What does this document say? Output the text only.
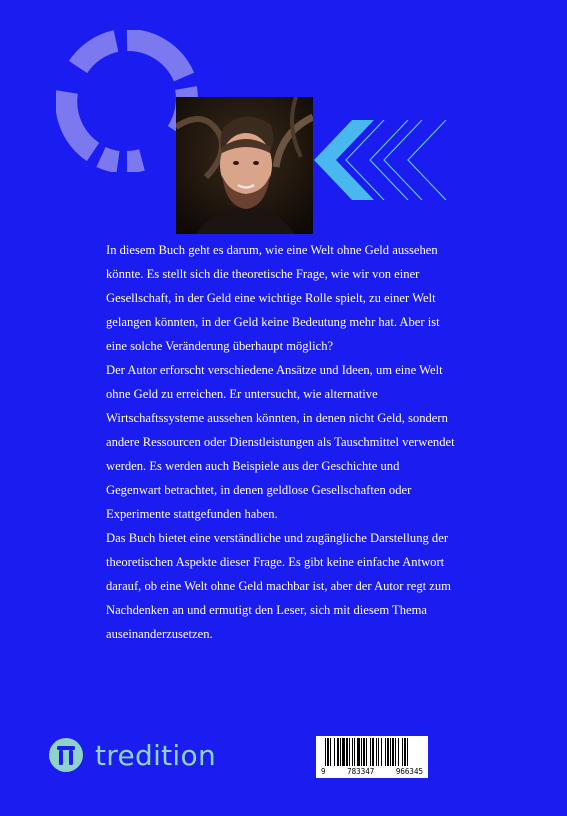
In diesem Buch geht es darum, wie eine Welt ohne Geld aussehen könnte. Es stellt sich die theoretische Frage, wie wir von einer Gesellschaft, in der Geld eine wichtige Rolle spielt, zu einer Welt gelangen könnten, in der Geld keine Bedeutung mehr hat. Aber ist eine solche Veränderung überhaupt möglich?

Der Autor erforscht verschiedene Ansätze und Ideen, um eine Welt ohne Geld zu erreichen. Er untersucht, wie alternative Wirtschaftssysteme aussehen könnten, in denen nicht Geld, sondern andere Ressourcen oder Dienstleistungen als Tauschmittel verwendet werden. Es werden auch Beispiele aus der Geschichte und Gegenwart betrachtet, in denen geldlose Gesellschaften oder Experimente stattgefunden haben.

Das Buch bietet eine verständliche und zugängliche Darstellung der theoretischen Aspekte dieser Frage. Es gibt keine einfache Antwort darauf, ob eine Welt ohne Geld machbar ist, aber der Autor regt zum Nachdenken an und ermutigt den Leser, sich mit diesem Thema auseinanderzusetzen.

tredition	9	783347	966345
